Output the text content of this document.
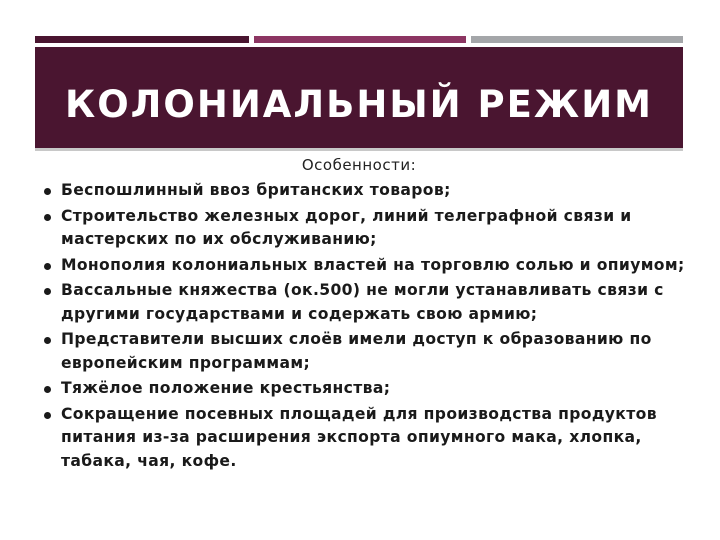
КОЛОНИАЛЬНЫЙ РЕЖИМ
Особенности:
Беспошлинный ввоз британских товаров;
Строительство железных дорог, линий телеграфной связи и мастерских по их обслуживанию;
Монополия колониальных властей на торговлю солью и опиумом;
Вассальные княжества (ок.500) не могли устанавливать связи с другими государствами и содержать свою армию;
Представители высших слоёв имели доступ к образованию по европейским программам;
Тяжёлое положение крестьянства;
Сокращение посевных площадей для производства продуктов питания из-за расширения экспорта опиумного мака, хлопка, табака, чая, кофе.
